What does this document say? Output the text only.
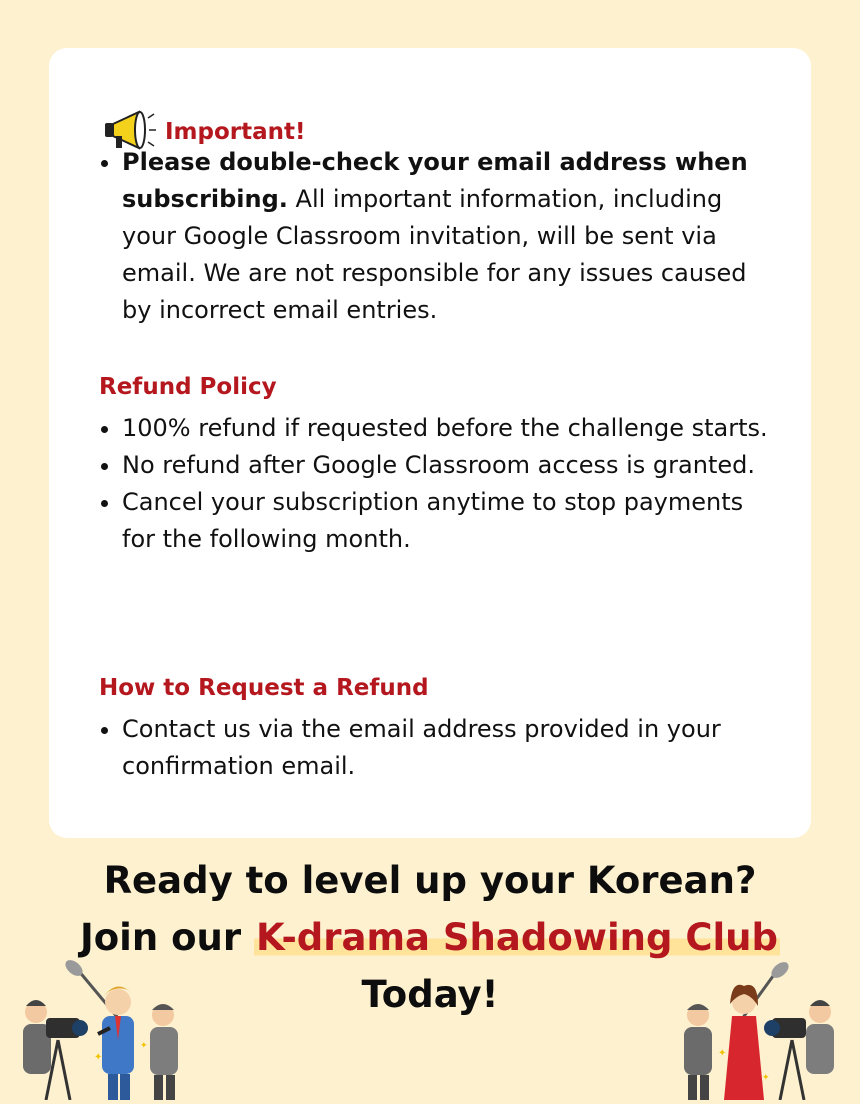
Important!
Please double-check your email address when subscribing. All important information, including your Google Classroom invitation, will be sent via email. We are not responsible for any issues caused by incorrect email entries.
Refund Policy
100% refund if requested before the challenge starts.
No refund after Google Classroom access is granted.
Cancel your subscription anytime to stop payments for the following month.
How to Request a Refund
Contact us via the email address provided in your confirmation email.
Ready to level up your Korean?
Join our K-drama Shadowing Club
Today!
✦
✦
✦
✦
